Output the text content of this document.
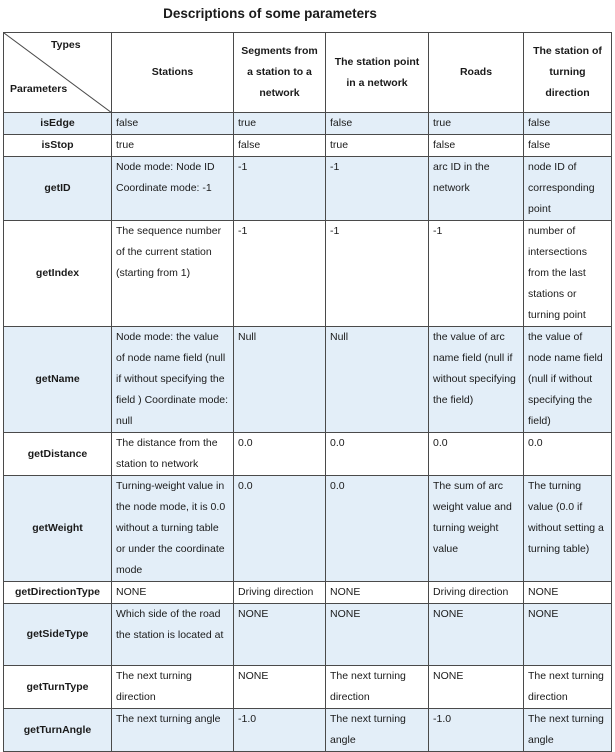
Descriptions of some parameters
Types
Parameters	Stations	Segments from a station to a network	The station point in a network	Roads	The station of turning direction
isEdge	false	true	false	true	false
isStop	true	false	true	false	false
getID	Node mode: Node ID Coordinate mode: -1	-1	-1	arc ID in the network	node ID of corresponding point
getIndex	The sequence number of the current station (starting from 1)	-1	-1	-1	number of intersections from the last stations or turning point
getName	Node mode: the value of node name field (null if without specifying the field ) Coordinate mode: null	Null	Null	the value of arc name field (null if without specifying the field)	the value of node name field (null if without specifying the field)
getDistance	The distance from the station to network	0.0	0.0	0.0	0.0
getWeight	Turning-weight value in the node mode, it is 0.0 without a turning table or under the coordinate mode	0.0	0.0	The sum of arc weight value and turning weight value	The turning value (0.0 if without setting a turning table)
getDirectionType	NONE	Driving direction	NONE	Driving direction	NONE
getSideType	Which side of the road the station is located at	NONE	NONE	NONE	NONE
getTurnType	The next turning direction	NONE	The next turning direction	NONE	The next turning direction
getTurnAngle	The next turning angle	-1.0	The next turning angle	-1.0	The next turning angle
